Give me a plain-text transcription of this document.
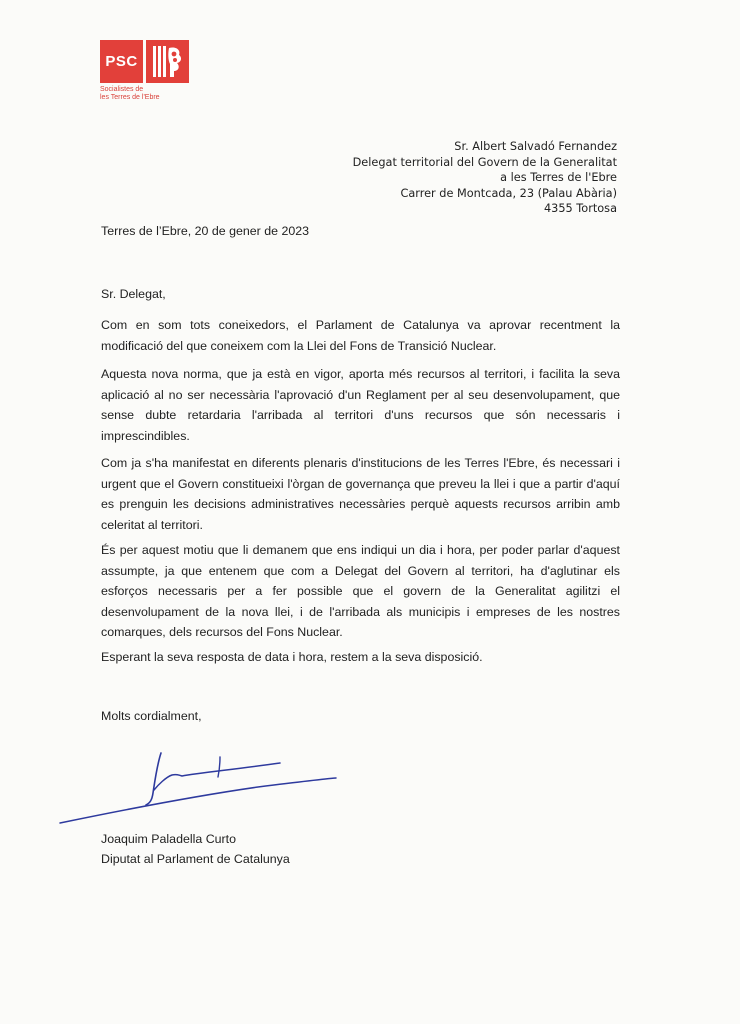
PSC
Socialistes de
les Terres de l'Ebre
Sr. Albert Salvadó Fernandez
Delegat territorial del Govern de la Generalitat
a les Terres de l'Ebre
Carrer de Montcada, 23 (Palau Abària)
4355 Tortosa
Terres de l’Ebre, 20 de gener de 2023
Sr. Delegat,
Com en som tots coneixedors, el Parlament de Catalunya va aprovar recentment la modificació del que coneixem com la Llei del Fons de Transició Nuclear.
Aquesta nova norma, que ja està en vigor, aporta més recursos al territori, i facilita la seva aplicació al no ser necessària l'aprovació d'un Reglament per al seu desenvolupament, que sense dubte retardaria l'arribada al territori d'uns recursos que són necessaris i imprescindibles.
Com ja s'ha manifestat en diferents plenaris d'institucions de les Terres l'Ebre, és necessari i urgent que el Govern constitueixi l'òrgan de governança que preveu la llei i que a partir d'aquí es prenguin les decisions administratives necessàries perquè aquests recursos arribin amb celeritat al territori.
És per aquest motiu que li demanem que ens indiqui un dia i hora, per poder parlar d'aquest assumpte, ja que entenem que com a Delegat del Govern al territori, ha d'aglutinar els esforços necessaris per a fer possible que el govern de la Generalitat agilitzi el desenvolupament de la nova llei, i de l'arribada als municipis i empreses de les nostres comarques, dels recursos del Fons Nuclear.
Esperant la seva resposta de data i hora, restem a la seva disposició.
Molts cordialment,
Joaquim Paladella Curto
Diputat al Parlament de Catalunya
